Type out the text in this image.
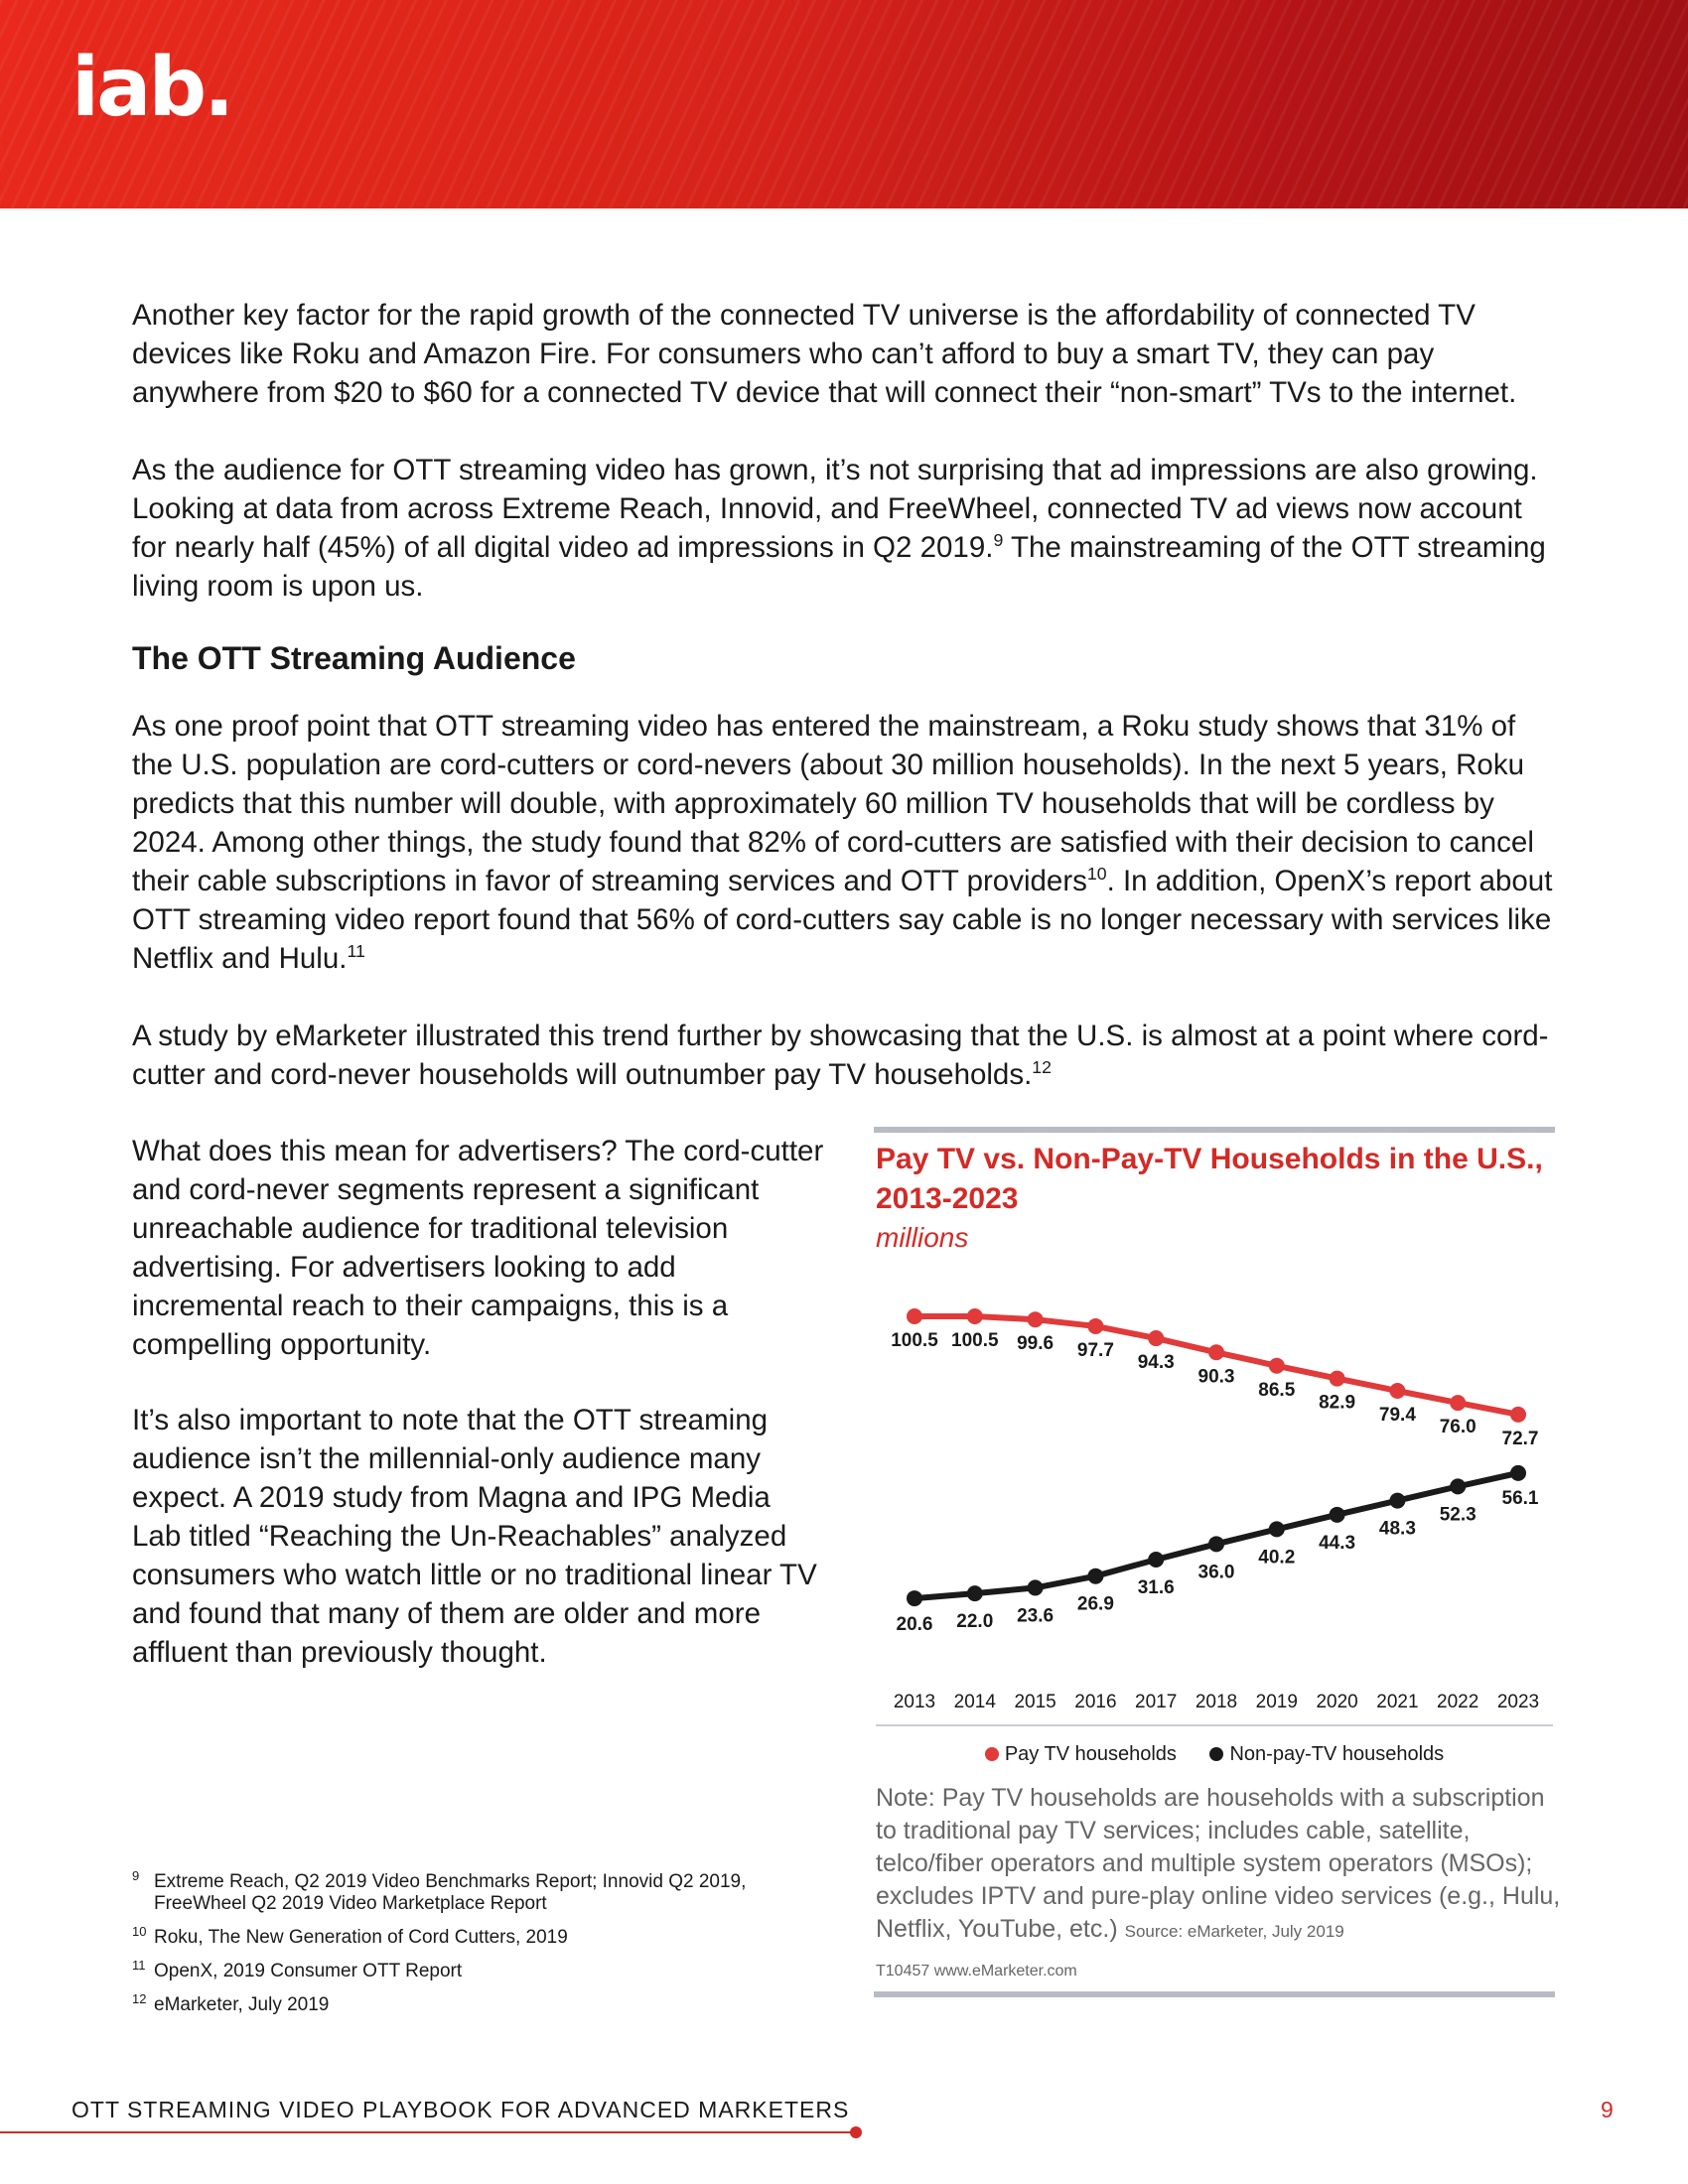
iab.

Another key factor for the rapid growth of the connected TV universe is the affordability of connected TV devices like Roku and Amazon Fire. For consumers who can’t afford to buy a smart TV, they can pay anywhere from $20 to $60 for a connected TV device that will connect their “non-smart” TVs to the internet.

As the audience for OTT streaming video has grown, it’s not surprising that ad impressions are also growing. Looking at data from across Extreme Reach, Innovid, and FreeWheel, connected TV ad views now account for nearly half (45%) of all digital video ad impressions in Q2 2019.$^9$ The mainstreaming of the OTT streaming living room is upon us.

The OTT Streaming Audience

As one proof point that OTT streaming video has entered the mainstream, a Roku study shows that 31% of the U.S. population are cord-cutters or cord-nevers (about 30 million households). In the next 5 years, Roku predicts that this number will double, with approximately 60 million TV households that will be cordless by 2024. Among other things, the study found that 82% of cord-cutters are satisfied with their decision to cancel their cable subscriptions in favor of streaming services and OTT providers$^{10}$. In addition, OpenX’s report about OTT streaming video report found that 56% of cord-cutters say cable is no longer necessary with services like Netflix and Hulu.$^{11}$

A study by eMarketer illustrated this trend further by showcasing that the U.S. is almost at a point where cord-cutter and cord-never households will outnumber pay TV households.$^{12}$

What does this mean for advertisers? The cord-cutter and cord-never segments represent a significant unreachable audience for traditional television advertising. For advertisers looking to add incremental reach to their campaigns, this is a compelling opportunity.

It’s also important to note that the OTT streaming audience isn’t the millennial-only audience many expect. A 2019 study from Magna and IPG Media Lab titled “Reaching the Un-Reachables” analyzed consumers who watch little or no traditional linear TV and found that many of them are older and more affluent than previously thought.

9 Extreme Reach, Q2 2019 Video Benchmarks Report; Innovid Q2 2019, FreeWheel Q2 2019 Video Marketplace Report
10 Roku, The New Generation of Cord Cutters, 2019
11 OpenX, 2019 Consumer OTT Report
12 eMarketer, July 2019
Pay TV vs. Non-Pay-TV Households in the U.S., 2013-2023
millions
2013 2014 2015 2016 2017 2018 2019 2020 2021 2022 2023
100.5 100.5 99.6 97.7
94.3
90.3
86.5
82.9
79.4
76.0
72.7
20.6 22.0 23.6
26.9
31.6
36.0
40.2
44.3
48.3
52.3
56.1
Pay TV households	Non-pay-TV households
Note: Pay TV households are households with a subscription to traditional pay TV services; includes cable, satellite, telco/fiber operators and multiple system operators (MSOs); excludes IPTV and pure-play online video services (e.g., Hulu, Netflix, YouTube, etc.) Source: eMarketer, July 2019
T10457 www.eMarketer.com
OTT STREAMING VIDEO PLAYBOOK FOR ADVANCED MARKETERS	9
